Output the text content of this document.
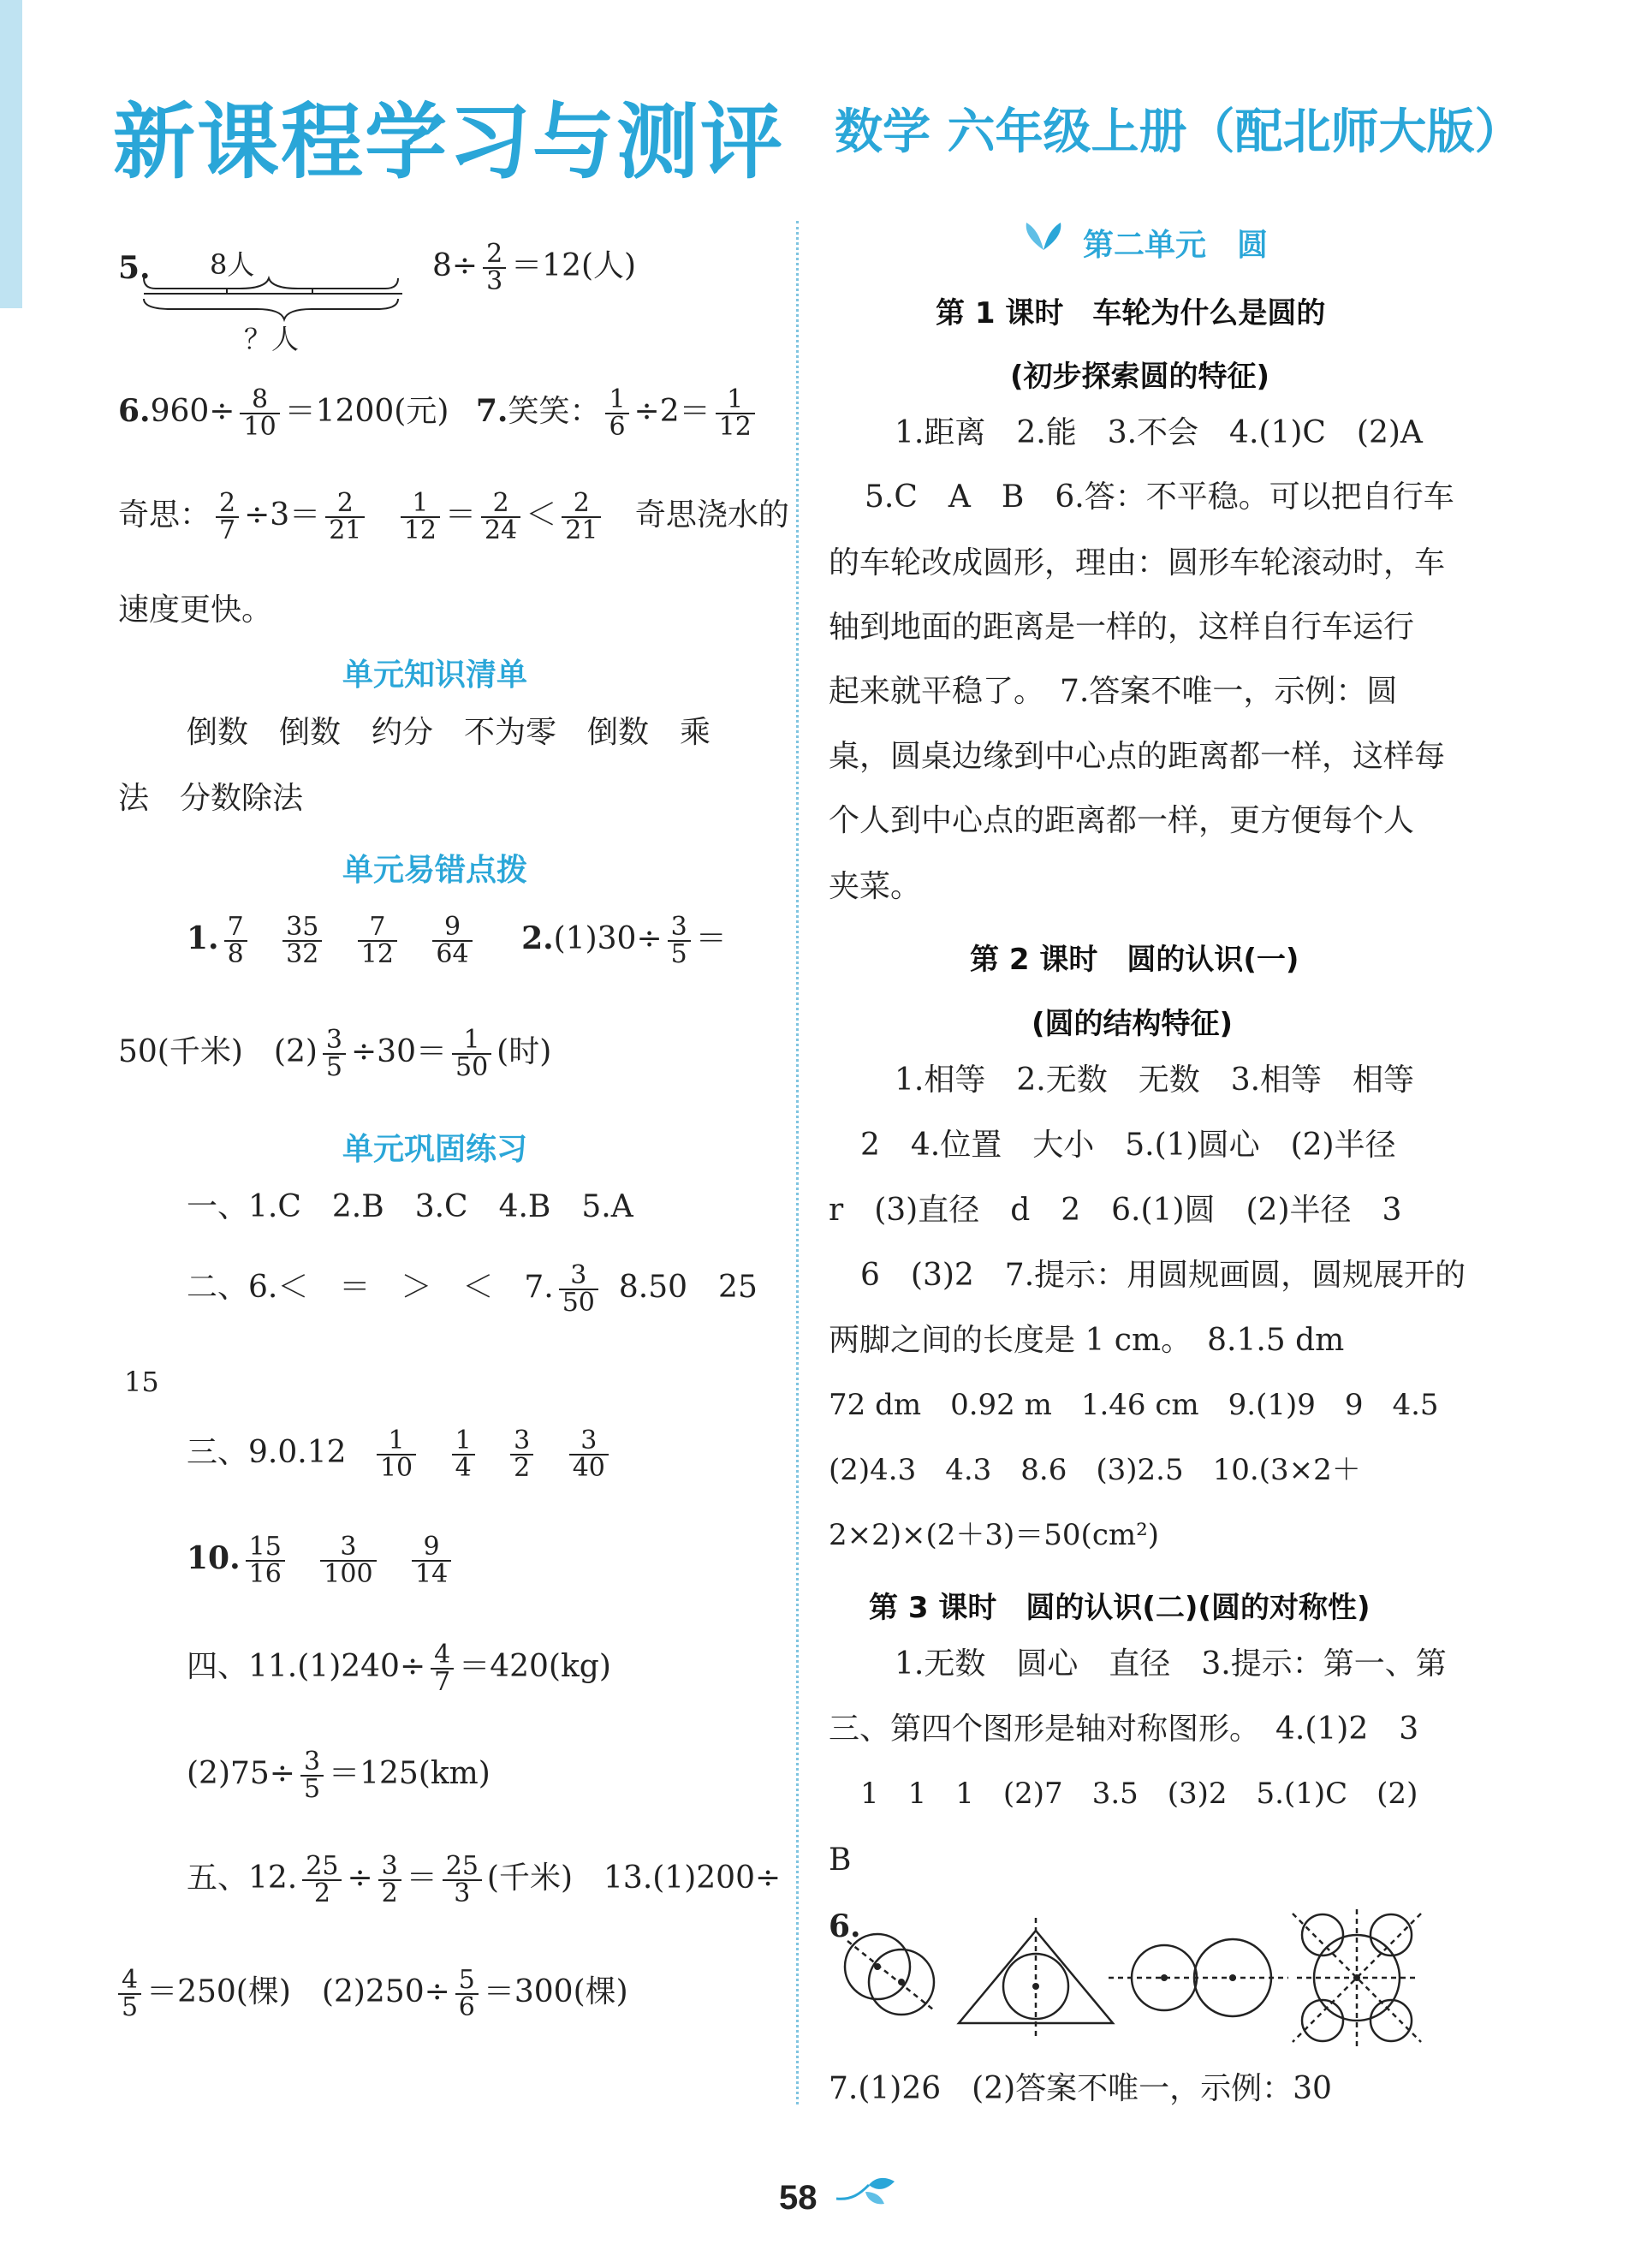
新课程学习与测评 数学 六年级上册（配北师大版）
5. 8人
？人
$8\div \frac{2}{3} =12$(人)
$6.960\div \frac{8}{10} =1200$(元) 7.笑笑： $\frac{1}{6} \div 2= \frac{1}{12}$
奇思： $\frac{2}{7} \div 3= \frac{2}{21}$
$\frac{1}{12} = \frac{2}{24} < \frac{2}{21}$ 奇思浇水的
速度更快。
单元知识清单
倒数　倒数　约分　不为零　倒数　乘
法　分数除法
单元易错点拨
1. $\frac{7}{8}$
$\frac{35}{32}$
$\frac{7}{12}$
$\frac{9}{64} 2.(1)30\div \frac{3}{5}$ ＝
50(千米)　$(2) \frac{3}{5} \div 30= \frac{1}{50}$ (时)
单元巩固练习
一、1.C　2.B　3.C　4.B　5.A
二、6.＜　＝　＞　＜　7. $\frac{3}{50} 8.50$　25
15
三、$9.0.12 \frac{1}{10}$
$\frac{1}{4}$
$\frac{3}{2}$
$\frac{3}{40}$
10. $\frac{15}{16}$
$\frac{3}{100}$
$\frac{9}{14}$
四、$11.(1)240\div \frac{4}{7} =420(kg)$
$(2)75\div \frac{3}{5} =125(km)$
五、12. $\frac{25}{2} \div \frac{3}{2} = \frac{25}{3}$ (千米)　13.(1)200÷
$\frac{4}{5} =250$(棵)　$(2)250\div \frac{5}{6} =300$(棵)
第二单元　圆
第 1 课时　车轮为什么是圆的
(初步探索圆的特征)
1.距离　2.能　3.不会　4.(1)C　(2)A
5.C　A　B　6.答：不平稳。可以把自行车
的车轮改成圆形，理由：圆形车轮滚动时，车
轴到地面的距离是一样的，这样自行车运行
起来就平稳了。　7.答案不唯一，示例：圆
桌，圆桌边缘到中心点的距离都一样，这样每
个人到中心点的距离都一样，更方便每个人
夹菜。
第 2 课时　圆的认识(一)
(圆的结构特征)
1.相等　2.无数　无数　3.相等　相等
2　4.位置　大小　5.(1)圆心　(2)半径
r　(3)直径　d　2　6.(1)圆　(2)半径　3
6　(3)2　7.提示：用圆规画圆，圆规展开的
两脚之间的长度是 1 cm。　8.1.5 dm
72 dm　0.92 m　1.46 cm　9.(1)9　9　4.5
(2)4.3　4.3　8.6　(3)2.5　10.(3×2＋
2×2)×(2＋3)＝50(cm²)
第 3 课时　圆的认识(二)(圆的对称性)
1.无数　圆心　直径　3.提示：第一、第
三、第四个图形是轴对称图形。　4.(1)2　3
1　1　1　(2)7　3.5　(3)2　5.(1)C　(2)
B
6.
7.(1)26　(2)答案不唯一，示例：30
58
